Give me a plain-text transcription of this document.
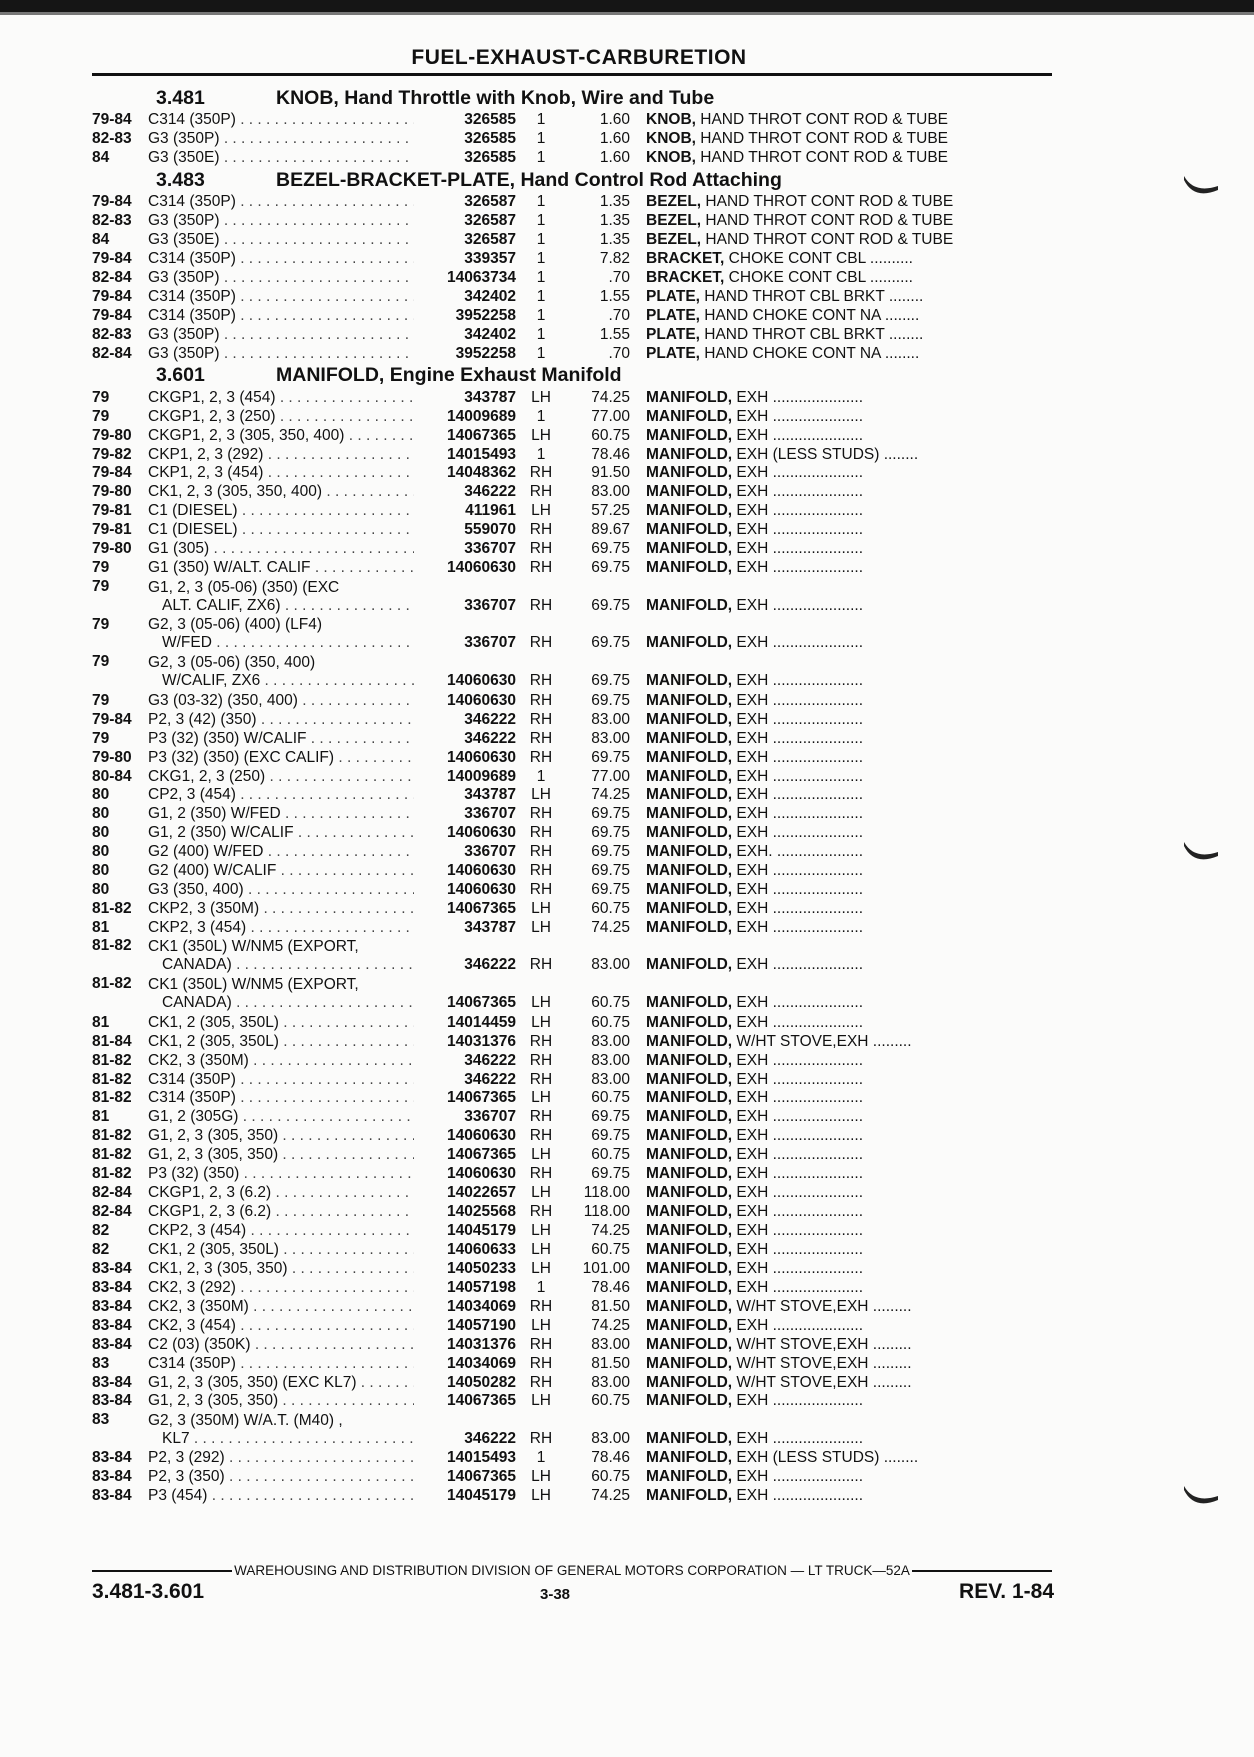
FUEL-EXHAUST-CARBURETION
3.481	KNOB, Hand Throttle with Knob, Wire and Tube
79-84	C314 (350P) . . .	326585	1	1.60	KNOB, HAND THROT CONT ROD & TUBE
82-83	G3 (350P) . . .	326585	1	1.60	KNOB, HAND THROT CONT ROD & TUBE
84	G3 (350E) . . .	326585	1	1.60	KNOB, HAND THROT CONT ROD & TUBE
3.483	BEZEL-BRACKET-PLATE, Hand Control Rod Attaching
79-84	C314 (350P) . . .	326587	1	1.35	BEZEL, HAND THROT CONT ROD & TUBE
82-83	G3 (350P) . . .	326587	1	1.35	BEZEL, HAND THROT CONT ROD & TUBE
84	G3 (350E) . . .	326587	1	1.35	BEZEL, HAND THROT CONT ROD & TUBE
79-84	C314 (350P) . . .	339357	1	7.82	BRACKET, CHOKE CONT CBL ..........
82-84	G3 (350P) . . .	14063734	1	.70	BRACKET, CHOKE CONT CBL ..........
79-84	C314 (350P) . . .	342402	1	1.55	PLATE, HAND THROT CBL BRKT ........
79-84	C314 (350P) . . .	3952258	1	.70	PLATE, HAND CHOKE CONT NA ........
82-83	G3 (350P) . . .	342402	1	1.55	PLATE, HAND THROT CBL BRKT ........
82-84	G3 (350P) . . .	3952258	1	.70	PLATE, HAND CHOKE CONT NA ........
3.601	MANIFOLD, Engine Exhaust Manifold
79	CKGP1, 2, 3 (454) . . .	343787 LH	74.25	MANIFOLD, EXH .....................
79	CKGP1, 2, 3 (250) . . .	14009689	1	77.00	MANIFOLD, EXH .....................
79-80	CKGP1, 2, 3 (305, 350, 400) . . .	14067365 LH	60.75	MANIFOLD, EXH .....................
79-82	CKP1, 2, 3 (292) . . .	14015493	1	78.46	MANIFOLD, EXH (LESS STUDS) ........
79-84	CKP1, 2, 3 (454) . . .	14048362 RH	91.50	MANIFOLD, EXH .....................
79-80	CK1, 2, 3 (305, 350, 400) . . .	346222 RH	83.00	MANIFOLD, EXH .....................
79-81	C1 (DIESEL) . . .	411961 LH	57.25	MANIFOLD, EXH .....................
79-81	C1 (DIESEL) . . .	559070 RH	89.67	MANIFOLD, EXH .....................
79-80	G1 (305) . . .	336707 RH	69.75	MANIFOLD, EXH .....................
79	G1 (350) W/ALT. CALIF . . .	14060630 RH	69.75	MANIFOLD, EXH .....................
79	G1, 2, 3 (05-06) (350) (EXC
ALT. CALIF, ZX6) . . .	336707 RH	69.75	MANIFOLD, EXH .....................
79	G2, 3 (05-06) (400) (LF4)
W/FED . . .	336707 RH	69.75	MANIFOLD, EXH .....................
79	G2, 3 (05-06) (350, 400)
W/CALIF, ZX6 . . .	14060630 RH	69.75	MANIFOLD, EXH .....................
79	G3 (03-32) (350, 400) . . .	14060630 RH	69.75	MANIFOLD, EXH .....................
79-84	P2, 3 (42) (350) . . .	346222 RH	83.00	MANIFOLD, EXH .....................
79	P3 (32) (350) W/CALIF . . .	346222 RH	83.00	MANIFOLD, EXH .....................
79-80	P3 (32) (350) (EXC CALIF) . . .	14060630 RH	69.75	MANIFOLD, EXH .....................
80-84	CKG1, 2, 3 (250) . . .	14009689	1	77.00	MANIFOLD, EXH .....................
80	CP2, 3 (454) . . .	343787 LH	74.25	MANIFOLD, EXH .....................
80	G1, 2 (350) W/FED . . .	336707 RH	69.75	MANIFOLD, EXH .....................
80	G1, 2 (350) W/CALIF . . .	14060630 RH	69.75	MANIFOLD, EXH .....................
80	G2 (400) W/FED . . .	336707 RH	69.75	MANIFOLD, EXH. ....................
80	G2 (400) W/CALIF . . .	14060630 RH	69.75	MANIFOLD, EXH .....................
80	G3 (350, 400) . . .	14060630 RH	69.75	MANIFOLD, EXH .....................
81-82	CKP2, 3 (350M) . . .	14067365 LH	60.75	MANIFOLD, EXH .....................
81	CKP2, 3 (454) . . .	343787 LH	74.25	MANIFOLD, EXH .....................
81-82	CK1 (350L) W/NM5 (EXPORT,
CANADA) . . .	346222 RH	83.00	MANIFOLD, EXH .....................
81-82	CK1 (350L) W/NM5 (EXPORT,
CANADA) . . .	14067365 LH	60.75	MANIFOLD, EXH .....................
81	CK1, 2 (305, 350L) . . .	14014459 LH	60.75	MANIFOLD, EXH .....................
81-84	CK1, 2 (305, 350L) . . .	14031376 RH	83.00	MANIFOLD, W/HT STOVE,EXH .........
81-82	CK2, 3 (350M) . . .	346222 RH	83.00	MANIFOLD, EXH .....................
81-82	C314 (350P) . . .	346222 RH	83.00	MANIFOLD, EXH .....................
81-82	C314 (350P) . . .	14067365 LH	60.75	MANIFOLD, EXH .....................
81	G1, 2 (305G) . . .	336707 RH	69.75	MANIFOLD, EXH .....................
81-82	G1, 2, 3 (305, 350) . . .	14060630 RH	69.75	MANIFOLD, EXH .....................
81-82	G1, 2, 3 (305, 350) . . .	14067365 LH	60.75	MANIFOLD, EXH .....................
81-82	P3 (32) (350) . . .	14060630 RH	69.75	MANIFOLD, EXH .....................
82-84	CKGP1, 2, 3 (6.2) . . .	14022657 LH	118.00	MANIFOLD, EXH .....................
82-84	CKGP1, 2, 3 (6.2) . . .	14025568 RH	118.00	MANIFOLD, EXH .....................
82	CKP2, 3 (454) . . .	14045179 LH	74.25	MANIFOLD, EXH .....................
82	CK1, 2 (305, 350L) . . .	14060633 LH	60.75	MANIFOLD, EXH .....................
83-84	CK1, 2, 3 (305, 350) . . .	14050233 LH	101.00	MANIFOLD, EXH .....................
83-84	CK2, 3 (292) . . .	14057198	1	78.46	MANIFOLD, EXH .....................
83-84	CK2, 3 (350M) . . .	14034069 RH	81.50	MANIFOLD, W/HT STOVE,EXH .........
83-84	CK2, 3 (454) . . .	14057190 LH	74.25	MANIFOLD, EXH .....................
83-84	C2 (03) (350K) . . .	14031376 RH	83.00	MANIFOLD, W/HT STOVE,EXH .........
83	C314 (350P) . . .	14034069 RH	81.50	MANIFOLD, W/HT STOVE,EXH .........
83-84	G1, 2, 3 (305, 350) (EXC KL7) . . .	14050282 RH	83.00	MANIFOLD, W/HT STOVE,EXH .........
83-84	G1, 2, 3 (305, 350) . . .	14067365 LH	60.75	MANIFOLD, EXH .....................
83	G2, 3 (350M) W/A.T. (M40) ,
KL7 . . .	346222 RH	83.00	MANIFOLD, EXH .....................
83-84	P2, 3 (292) . . .	14015493	1	78.46	MANIFOLD, EXH (LESS STUDS) ........
83-84	P2, 3 (350) . . .	14067365 LH	60.75	MANIFOLD, EXH .....................
83-84	P3 (454) . . .	14045179 LH	74.25	MANIFOLD, EXH .....................
WAREHOUSING AND DISTRIBUTION DIVISION OF GENERAL MOTORS CORPORATION — LT TRUCK—52A
3.481-3.601	3-38	REV. 1-84
